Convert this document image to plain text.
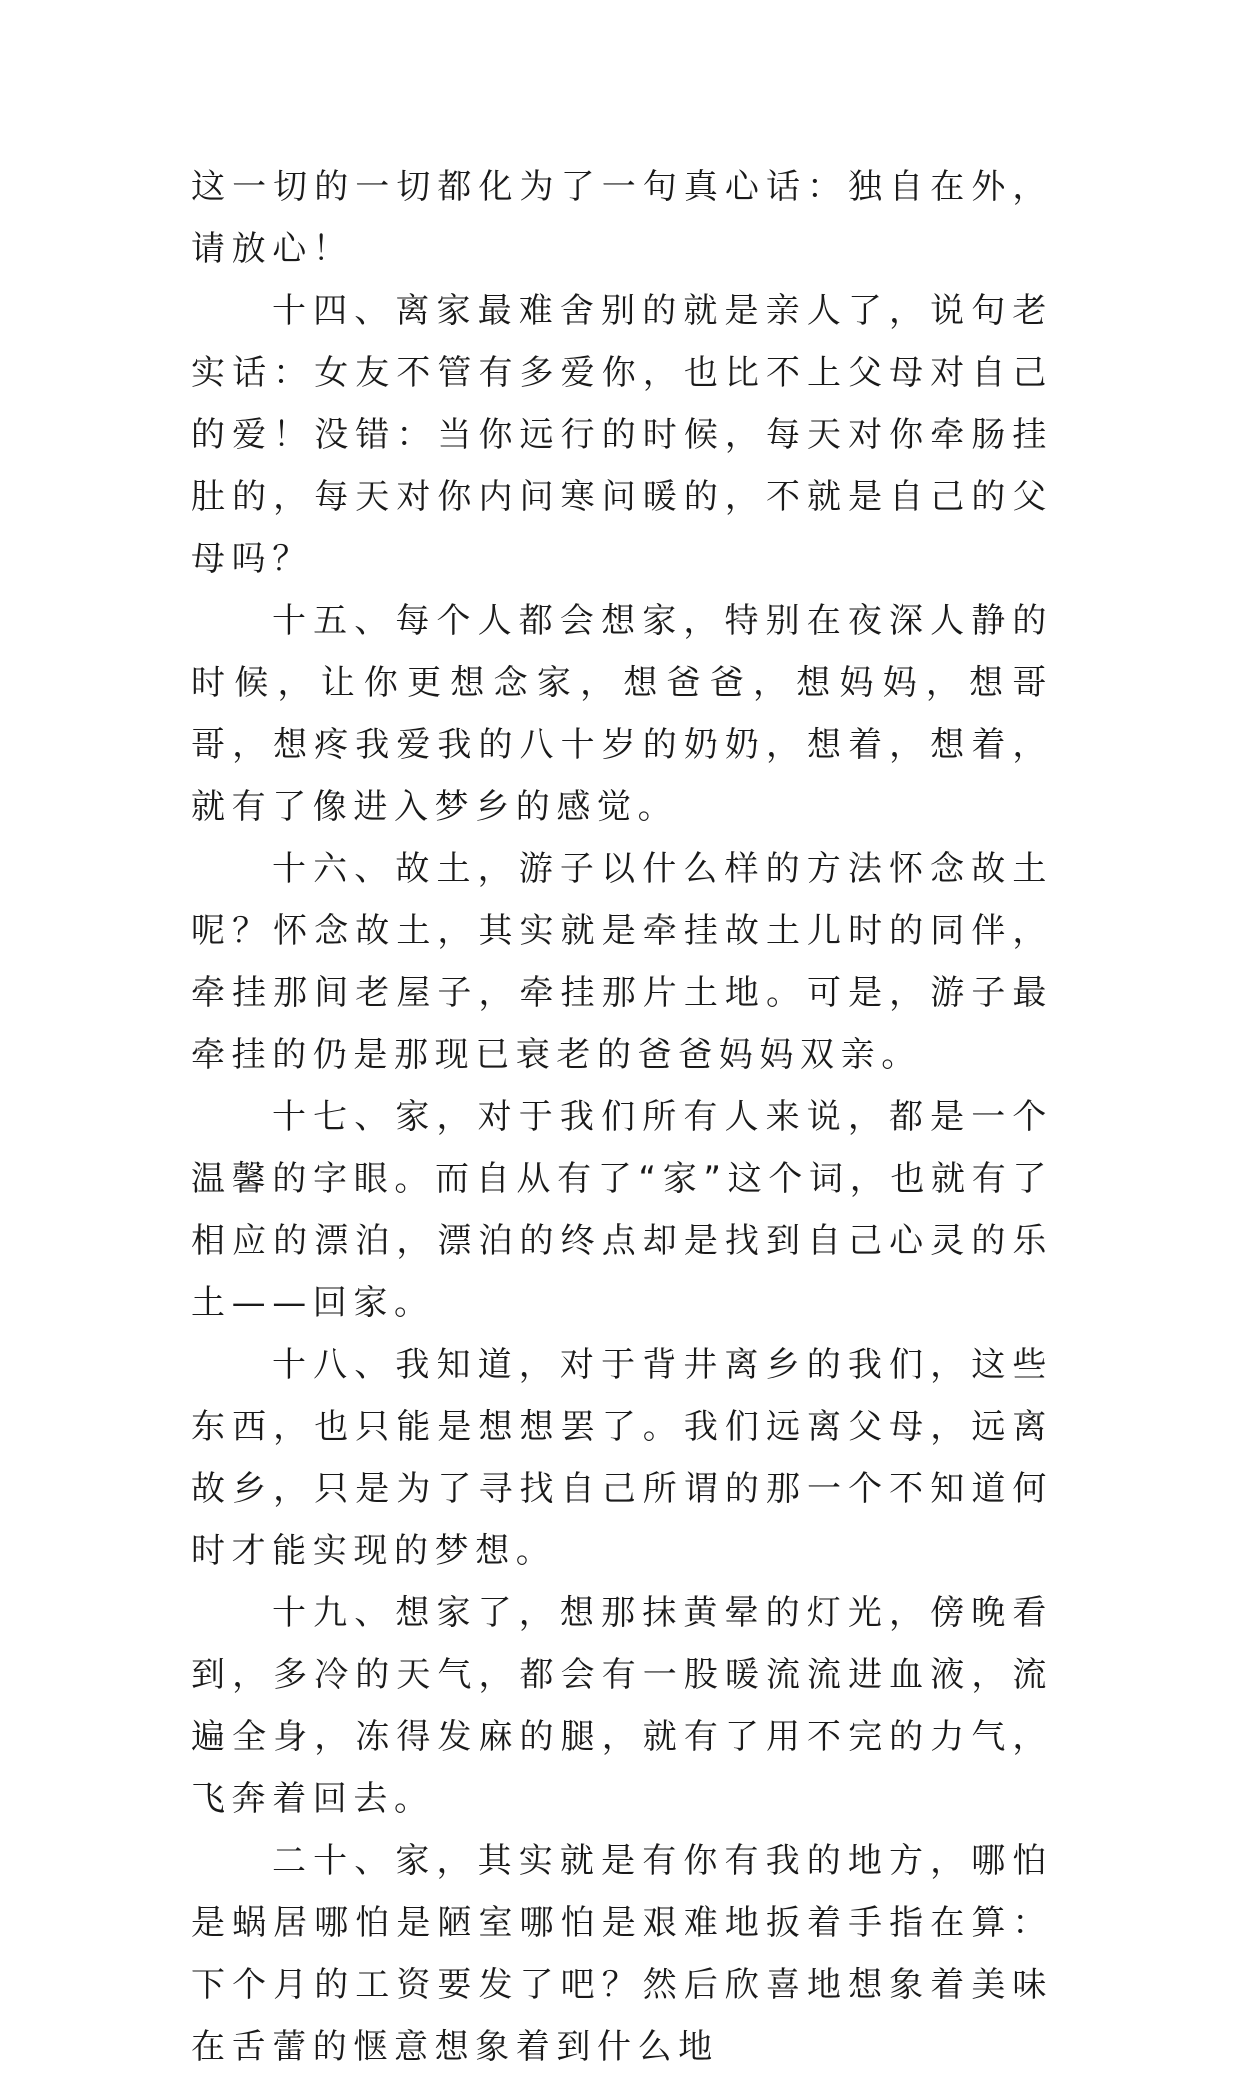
这一切的一切都化为了一句真心话：独自在外，请放心！

十四、离家最难舍别的就是亲人了，说句老实话：女友不管有多爱你，也比不上父母对自己的爱！没错：当你远行的时候，每天对你牵肠挂肚的，每天对你内问寒问暖的，不就是自己的父母吗？

十五、每个人都会想家，特别在夜深人静的时候，让你更想念家，想爸爸，想妈妈，想哥哥，想疼我爱我的八十岁的奶奶，想着，想着，就有了像进入梦乡的感觉。

十六、故土，游子以什么样的方法怀念故土呢？怀念故土，其实就是牵挂故土儿时的同伴，牵挂那间老屋子，牵挂那片土地。可是，游子最牵挂的仍是那现已衰老的爸爸妈妈双亲。

十七、家，对于我们所有人来说，都是一个温馨的字眼。而自从有了“家”这个词，也就有了相应的漂泊，漂泊的终点却是找到自己心灵的乐土——回家。

十八、我知道，对于背井离乡的我们，这些东西，也只能是想想罢了。我们远离父母，远离故乡，只是为了寻找自己所谓的那一个不知道何时才能实现的梦想。

十九、想家了，想那抹黄晕的灯光，傍晚看到，多冷的天气，都会有一股暖流流进血液，流遍全身，冻得发麻的腿，就有了用不完的力气，飞奔着回去。

二十、家，其实就是有你有我的地方，哪怕是蜗居哪怕是陋室哪怕是艰难地扳着手指在算：下个月的工资要发了吧？然后欣喜地想象着美味在舌蕾的惬意想象着到什么地
